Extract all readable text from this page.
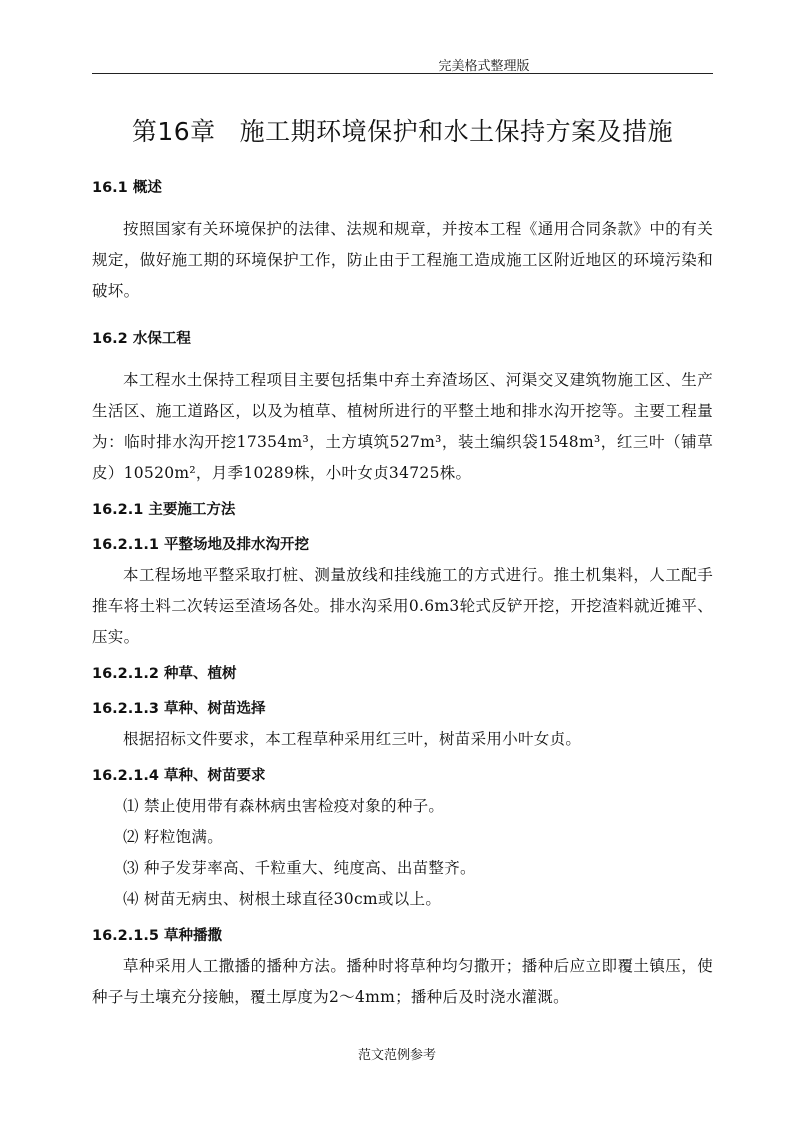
完美格式整理版
第16章 施工期环境保护和水土保持方案及措施

16.1 概述

按照国家有关环境保护的法律、法规和规章，并按本工程《通用合同条款》中的有关规定，做好施工期的环境保护工作，防止由于工程施工造成施工区附近地区的环境污染和破坏。

16.2 水保工程

本工程水土保持工程项目主要包括集中弃土弃渣场区、河渠交叉建筑物施工区、生产生活区、施工道路区，以及为植草、植树所进行的平整土地和排水沟开挖等。主要工程量为：临时排水沟开挖17354m³，土方填筑527m³，装土编织袋1548m³，红三叶（铺草皮）10520m²，月季10289株，小叶女贞34725株。

16.2.1 主要施工方法

16.2.1.1 平整场地及排水沟开挖

本工程场地平整采取打桩、测量放线和挂线施工的方式进行。推土机集料，人工配手推车将土料二次转运至渣场各处。排水沟采用0.6m3轮式反铲开挖，开挖渣料就近摊平、压实。

16.2.1.2 种草、植树

16.2.1.3 草种、树苗选择

根据招标文件要求，本工程草种采用红三叶，树苗采用小叶女贞。

16.2.1.4 草种、树苗要求

⑴ 禁止使用带有森林病虫害检疫对象的种子。

⑵ 籽粒饱满。

⑶ 种子发芽率高、千粒重大、纯度高、出苗整齐。

⑷ 树苗无病虫、树根土球直径30cm或以上。

16.2.1.5 草种播撒

草种采用人工撒播的播种方法。播种时将草种均匀撒开；播种后应立即覆土镇压，使种子与土壤充分接触，覆土厚度为2～4mm；播种后及时浇水灌溉。

范文范例参考
